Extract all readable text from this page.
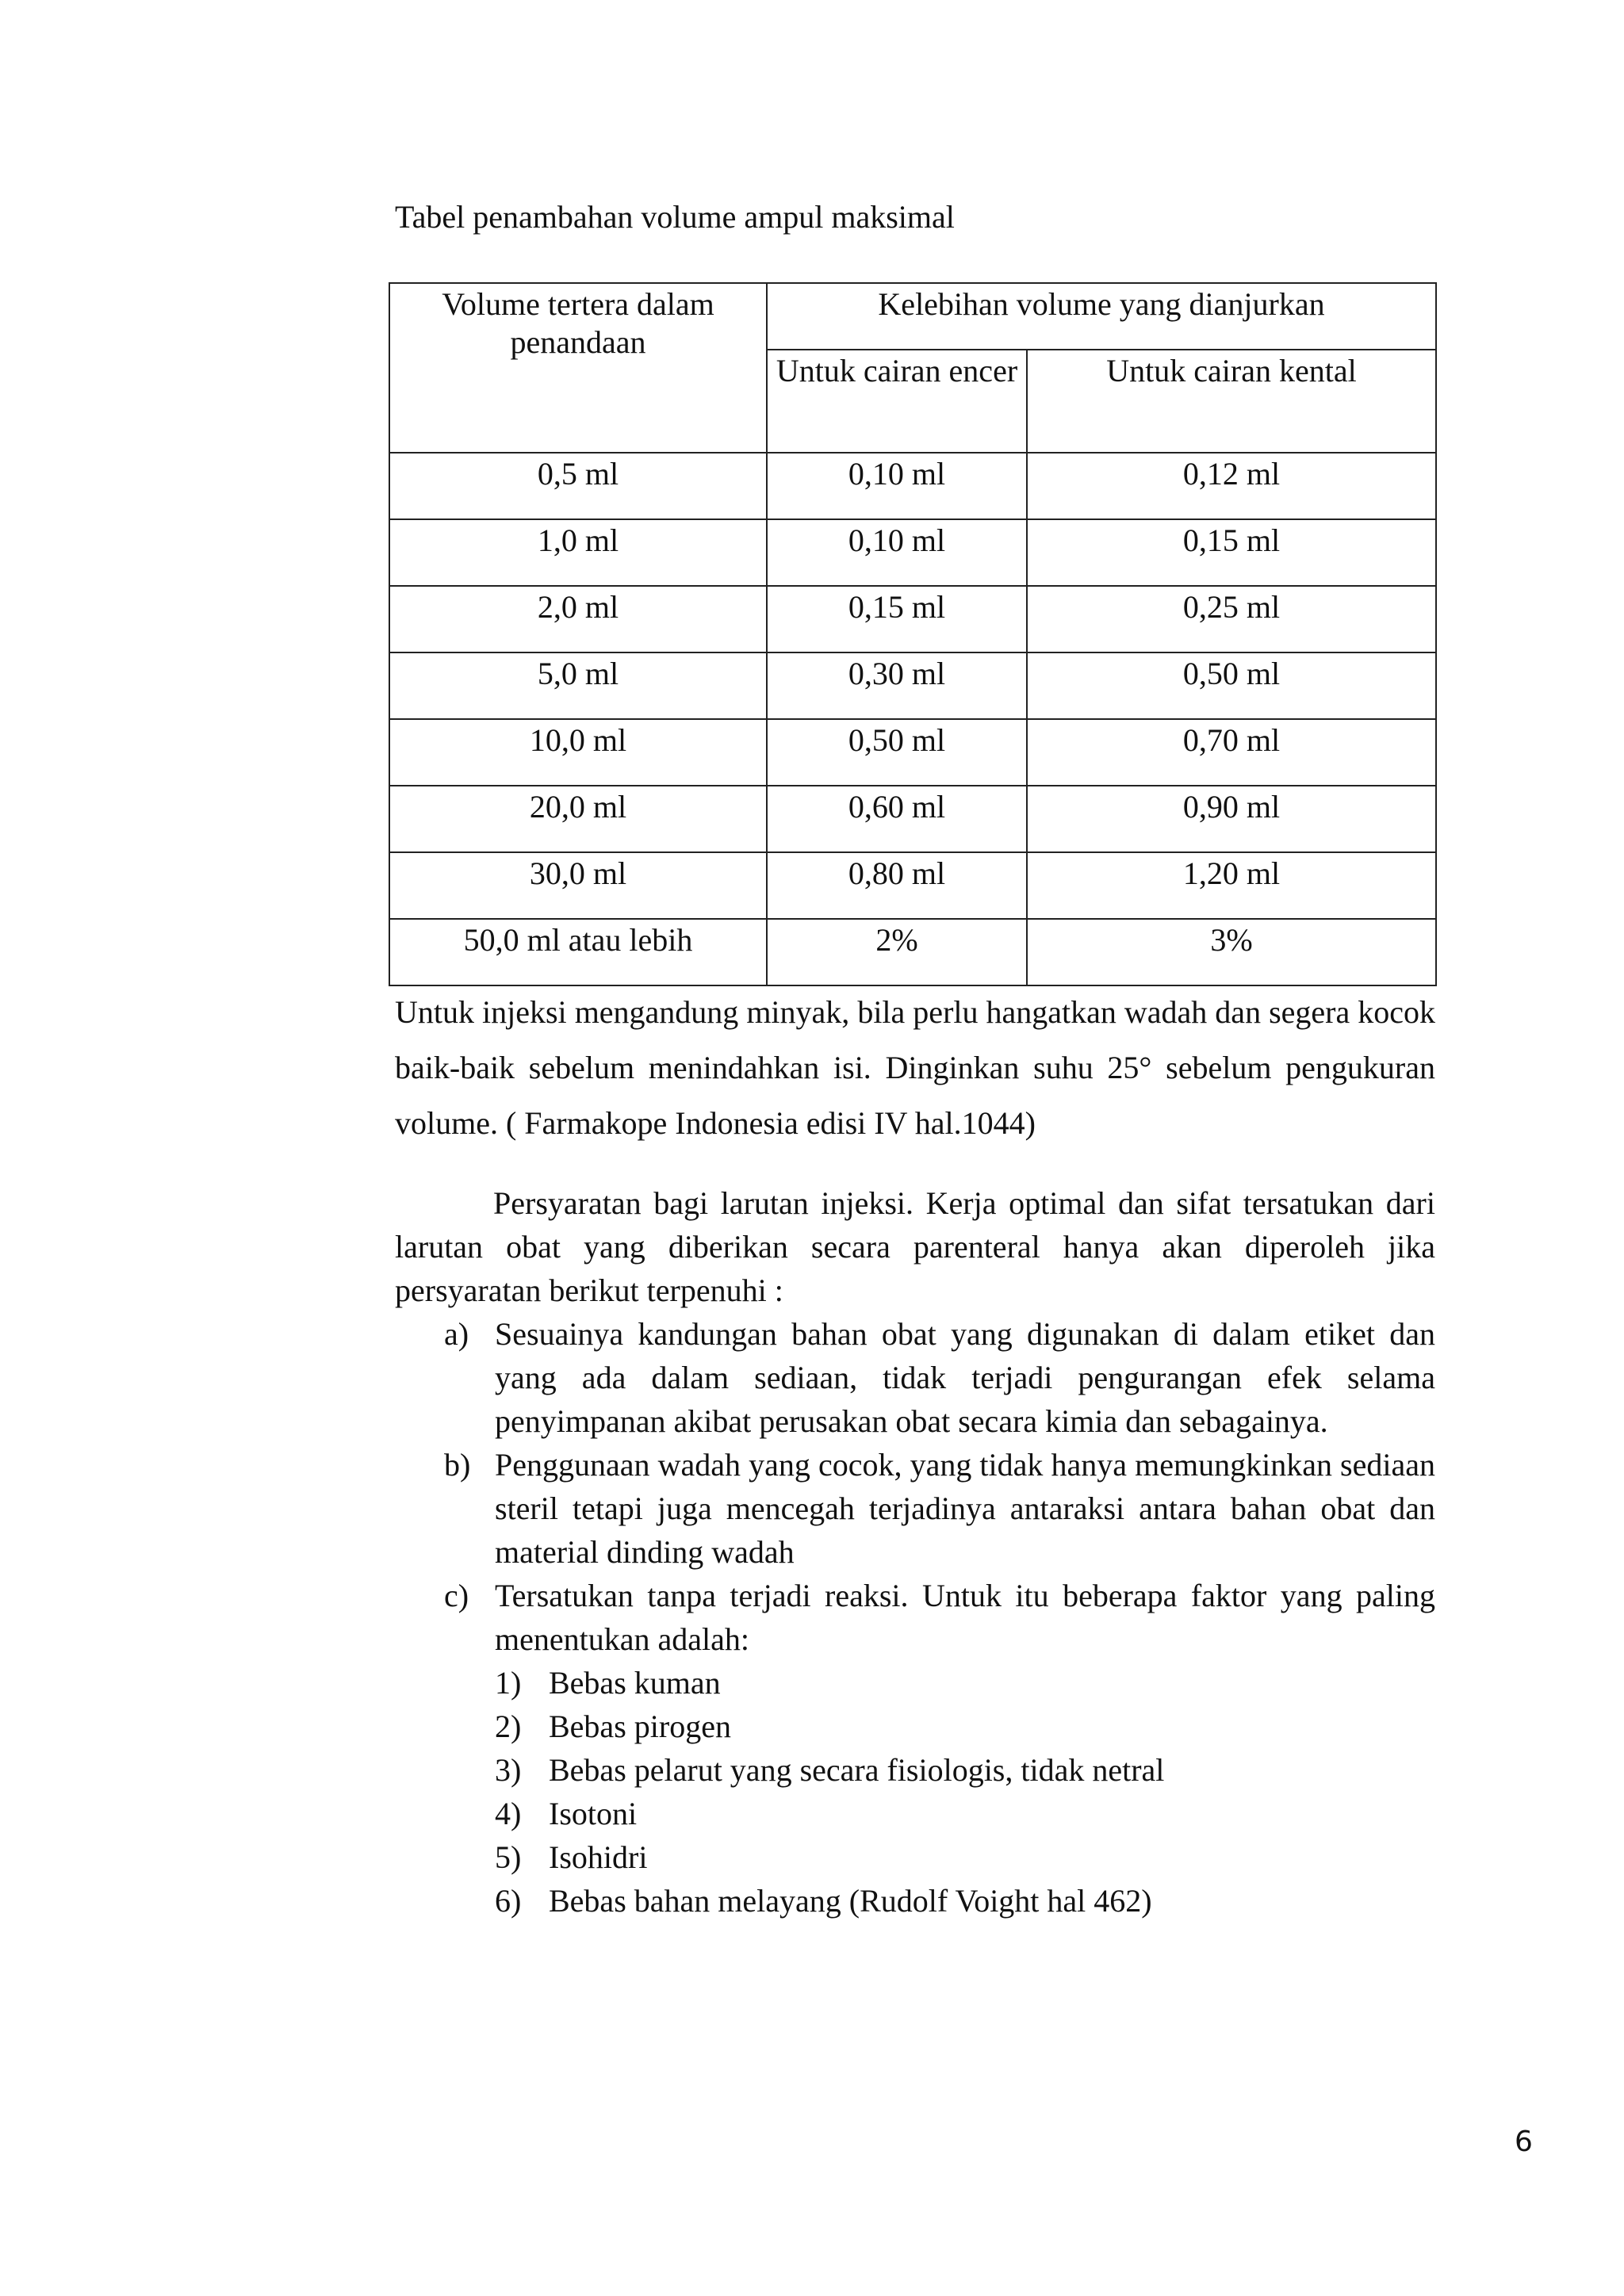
Tabel penambahan volume ampul maksimal
Volume tertera dalam penandaan	Kelebihan volume yang dianjurkan	
	Untuk cairan encer	Untuk cairan kental
0,5 ml	0,10 ml	0,12 ml
1,0 ml	0,10 ml	0,15 ml
2,0 ml	0,15 ml	0,25 ml
5,0 ml	0,30 ml	0,50 ml
10,0 ml	0,50 ml	0,70 ml
20,0 ml	0,60 ml	0,90 ml
30,0 ml	0,80 ml	1,20 ml
50,0 ml atau lebih	2%	3%
Untuk injeksi mengandung minyak, bila perlu hangatkan wadah dan segera kocok baik-baik sebelum menindahkan isi. Dinginkan suhu 25° sebelum pengukuran volume. ( Farmakope Indonesia edisi IV hal.1044)
Persyaratan bagi larutan injeksi. Kerja optimal dan sifat tersatukan dari larutan obat yang diberikan secara parenteral hanya akan diperoleh jika persyaratan berikut terpenuhi :
a) Sesuainya kandungan bahan obat yang digunakan di dalam etiket dan yang ada dalam sediaan, tidak terjadi pengurangan efek selama penyimpanan akibat perusakan obat secara kimia dan sebagainya.
b) Penggunaan wadah yang cocok, yang tidak hanya memungkinkan sediaan steril tetapi juga mencegah terjadinya antaraksi antara bahan obat dan material dinding wadah
c) Tersatukan tanpa terjadi reaksi. Untuk itu beberapa faktor yang paling menentukan adalah:
1) Bebas kuman
2) Bebas pirogen
3) Bebas pelarut yang secara fisiologis, tidak netral
4) Isotoni
5) Isohidri
6) Bebas bahan melayang (Rudolf Voight hal 462)
6
